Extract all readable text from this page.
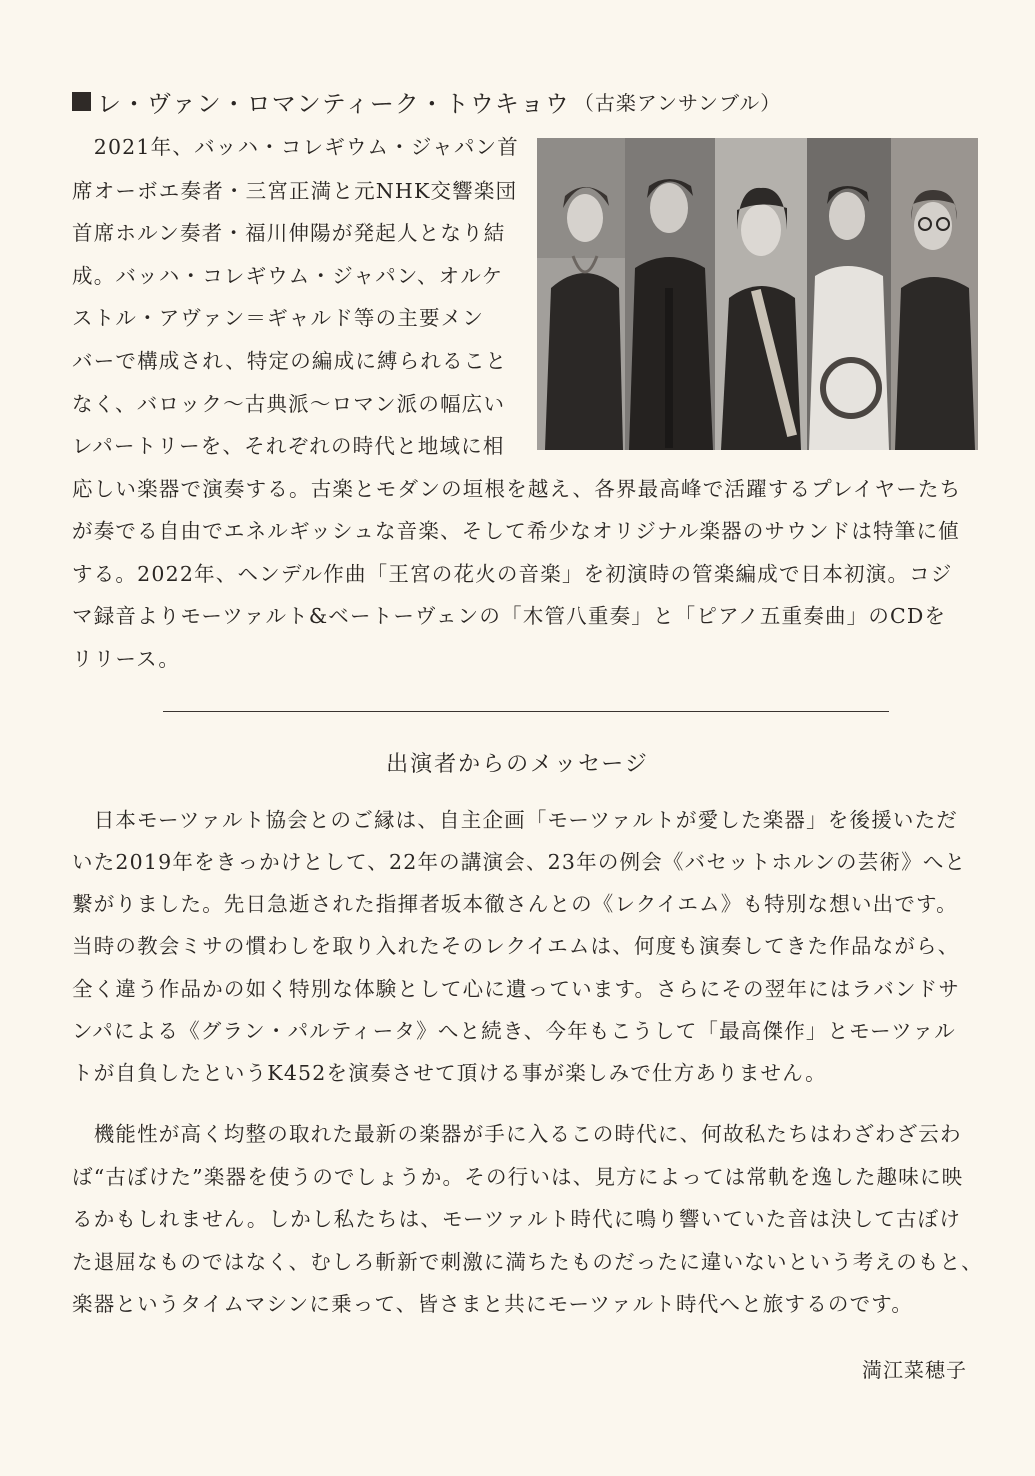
レ・ヴァン・ロマンティーク・トウキョウ （古楽アンサンブル）
　2021年、バッハ・コレギウム・ジャパン首
席オーボエ奏者・三宮正満と元NHK交響楽団
首席ホルン奏者・福川伸陽が発起人となり結
成。バッハ・コレギウム・ジャパン、オルケ
ストル・アヴァン＝ギャルド等の主要メン
バーで構成され、特定の編成に縛られること
なく、バロック〜古典派〜ロマン派の幅広い
レパートリーを、それぞれの時代と地域に相
応しい楽器で演奏する。古楽とモダンの垣根を越え、各界最高峰で活躍するプレイヤーたち
が奏でる自由でエネルギッシュな音楽、そして希少なオリジナル楽器のサウンドは特筆に値
する。2022年、ヘンデル作曲「王宮の花火の音楽」を初演時の管楽編成で日本初演。コジ
マ録音よりモーツァルト&ベートーヴェンの「木管八重奏」と「ピアノ五重奏曲」のCDを
リリース。
出演者からのメッセージ
　日本モーツァルト協会とのご縁は、自主企画「モーツァルトが愛した楽器」を後援いただ
いた2019年をきっかけとして、22年の講演会、23年の例会《バセットホルンの芸術》へと
繋がりました。先日急逝された指揮者坂本徹さんとの《レクイエム》も特別な想い出です。
当時の教会ミサの慣わしを取り入れたそのレクイエムは、何度も演奏してきた作品ながら、
全く違う作品かの如く特別な体験として心に遺っています。さらにその翌年にはラバンドサ
ンパによる《グラン・パルティータ》へと続き、今年もこうして「最高傑作」とモーツァル
トが自負したというK452を演奏させて頂ける事が楽しみで仕方ありません。
　機能性が高く均整の取れた最新の楽器が手に入るこの時代に、何故私たちはわざわざ云わ
ば“古ぼけた”楽器を使うのでしょうか。その行いは、見方によっては常軌を逸した趣味に映
るかもしれません。しかし私たちは、モーツァルト時代に鳴り響いていた音は決して古ぼけ
た退屈なものではなく、むしろ斬新で刺激に満ちたものだったに違いないという考えのもと、
楽器というタイムマシンに乗って、皆さまと共にモーツァルト時代へと旅するのです。
満江菜穂子
